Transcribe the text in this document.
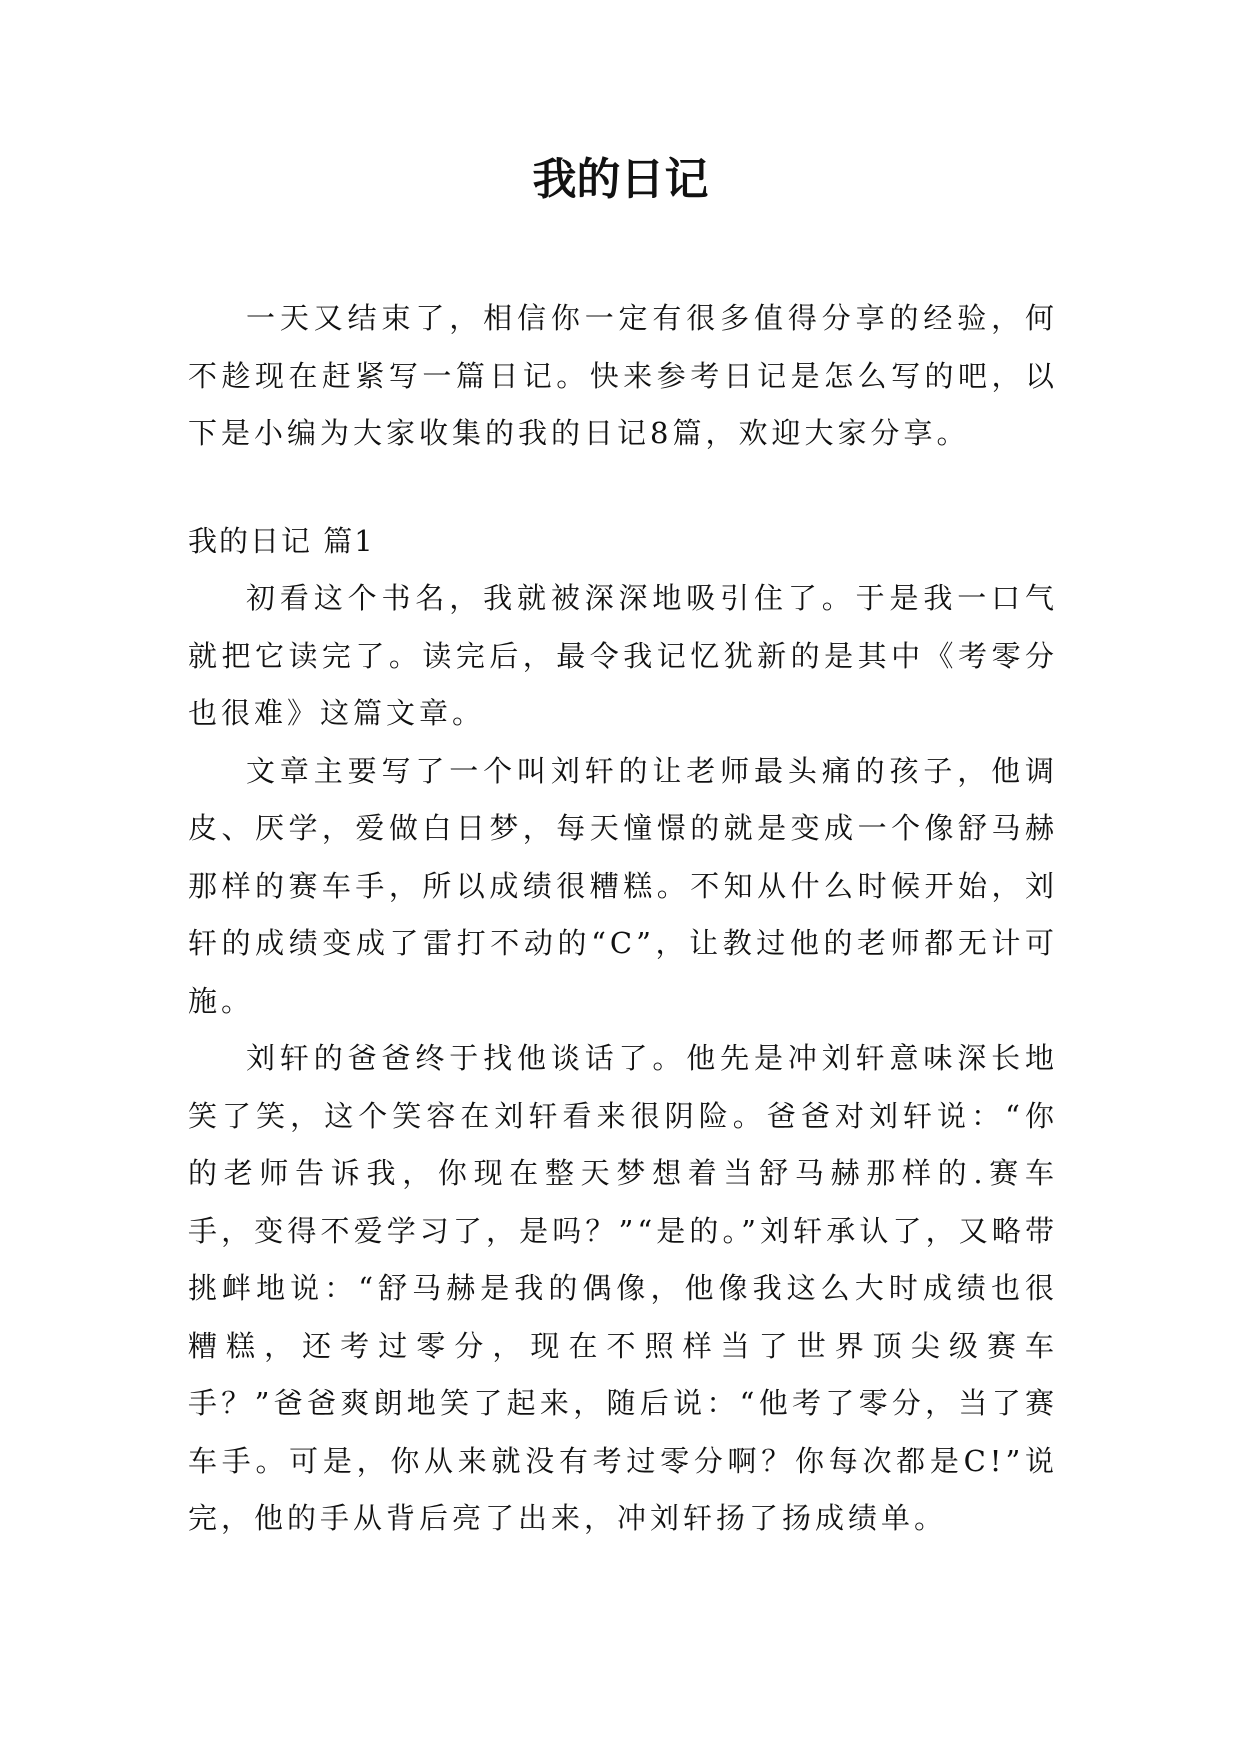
我的日记

一天又结束了，相信你一定有很多值得分享的经验，何不趁现在赶紧写一篇日记。快来参考日记是怎么写的吧，以下是小编为大家收集的我的日记8篇，欢迎大家分享。

我的日记 篇1

初看这个书名，我就被深深地吸引住了。于是我一口气就把它读完了。读完后，最令我记忆犹新的是其中《考零分也很难》这篇文章。

文章主要写了一个叫刘轩的让老师最头痛的孩子，他调皮、厌学，爱做白日梦，每天憧憬的就是变成一个像舒马赫那样的赛车手，所以成绩很糟糕。不知从什么时候开始，刘轩的成绩变成了雷打不动的“C”，让教过他的老师都无计可施。

刘轩的爸爸终于找他谈话了。他先是冲刘轩意味深长地笑了笑，这个笑容在刘轩看来很阴险。爸爸对刘轩说：“你的老师告诉我，你现在整天梦想着当舒马赫那样的.赛车手，变得不爱学习了，是吗？”“是的。”刘轩承认了，又略带挑衅地说：“舒马赫是我的偶像，他像我这么大时成绩也很糟糕，还考过零分，现在不照样当了世界顶尖级赛车手？”爸爸爽朗地笑了起来，随后说：“他考了零分，当了赛车手。可是，你从来就没有考过零分啊？你每次都是C!”说完，他的手从背后亮了出来，冲刘轩扬了扬成绩单。
